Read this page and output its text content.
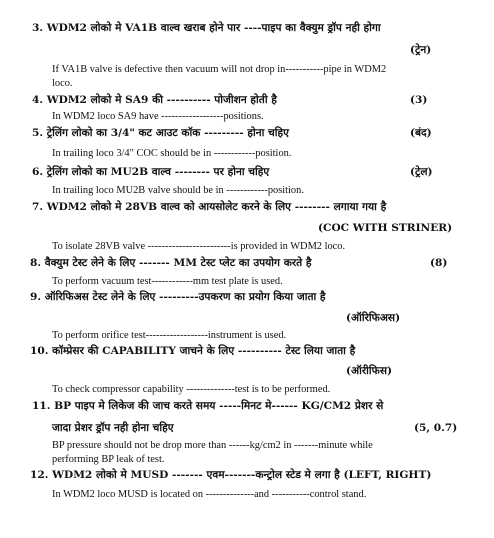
3. WDM2 लोको मे VA1B वाल्व खराब होने पार ----पाइप का वैक्युम ड्रॉप नही होगा
(ट्रेन)
If VA1B valve is defective then vacuum will not drop in-----------pipe in WDM2
loco.
4. WDM2 लोको मे SA9 की ---------- पोजीशन होती है	(3)
In WDM2 loco SA9 have ------------------positions.
5. ट्रेलिंग लोको का 3/4" कट आउट कॉक --------- होना चहिए	(बंद)
In trailing loco 3/4" COC should be in ------------position.
6. ट्रेलिंग लोको का MU2B वाल्व -------- पर होना चहिए	(ट्रेल)
In trailing loco MU2B valve should be in ------------position.
7. WDM2 लोको मे 28VB वाल्व को आयसोलेट करने के लिए -------- लगाया गया है
(COC WITH STRINER)
To isolate 28VB valve ------------------------is provided in WDM2 loco.
8. वैक्युम टेस्ट लेने के लिए ------- MM टेस्ट प्लेट का उपयोग करते है	(8)
To perform vacuum test------------mm test plate is used.
9. ऑरिफिअस टेस्ट लेने के लिए ---------उपकरण का प्रयोग किया जाता है
(ऑरिफिअस)
To perform orifice test------------------instrument is used.
10. कॉम्प्रेसर की CAPABILITY जाचने के लिए ---------- टेस्ट लिया जाता है
(ऑरीफिस)
To check compressor capability --------------test is to be performed.
11. BP पाइप मे लिकेज की जाच करते समय -----मिनट मे------ KG/CM2 प्रेशर से
जादा प्रेशर ड्रॉप नही होना चहिए	(5, 0.7)
BP pressure should not be drop more than ------kg/cm2 in -------minute while
performing BP leak of test.
12. WDM2 लोको मे MUSD ------- एवम-------कन्ट्रोल स्टेड मे लगा है (LEFT, RIGHT)
In WDM2 loco MUSD is located on --------------and -----------control stand.
